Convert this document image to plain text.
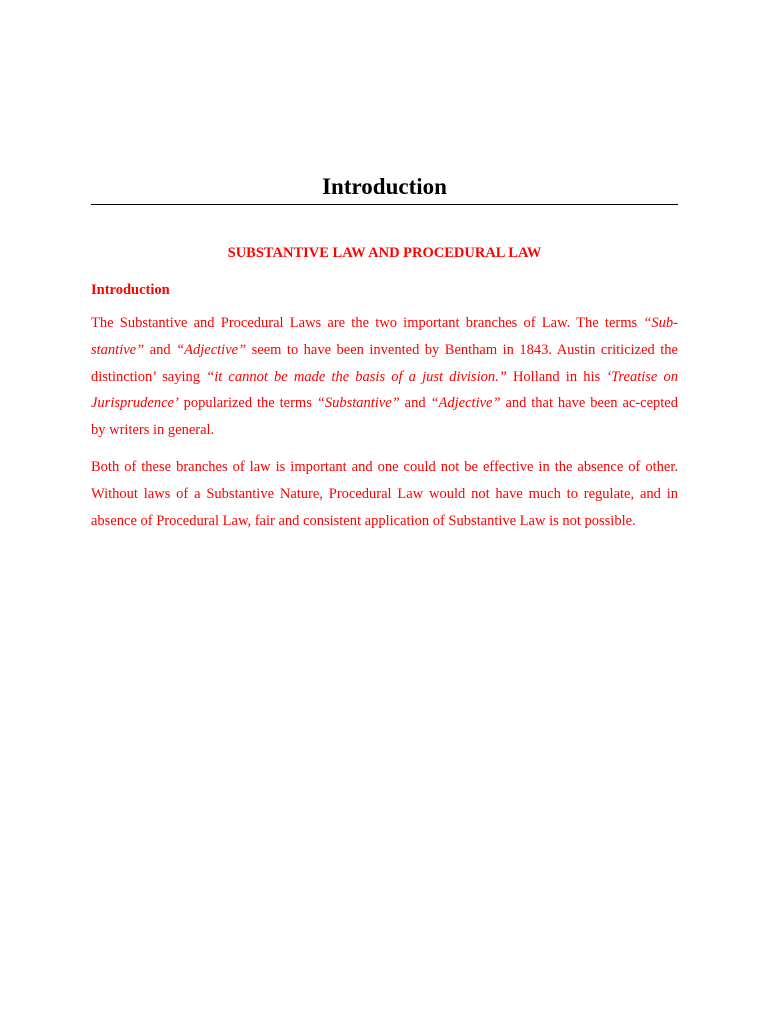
Introduction
SUBSTANTIVE LAW AND PROCEDURAL LAW
Introduction

The Substantive and Procedural Laws are the two important branches of Law. The terms “Sub-stantive” and “Adjective” seem to have been invented by Bentham in 1843. Austin criticized the distinction’ saying “it cannot be made the basis of a just division.” Holland in his ‘Treatise on Jurisprudence’ popularized the terms “Substantive” and “Adjective” and that have been ac-cepted by writers in general.

Both of these branches of law is important and one could not be effective in the absence of other. Without laws of a Substantive Nature, Procedural Law would not have much to regulate, and in absence of Procedural Law, fair and consistent application of Substantive Law is not possible.
